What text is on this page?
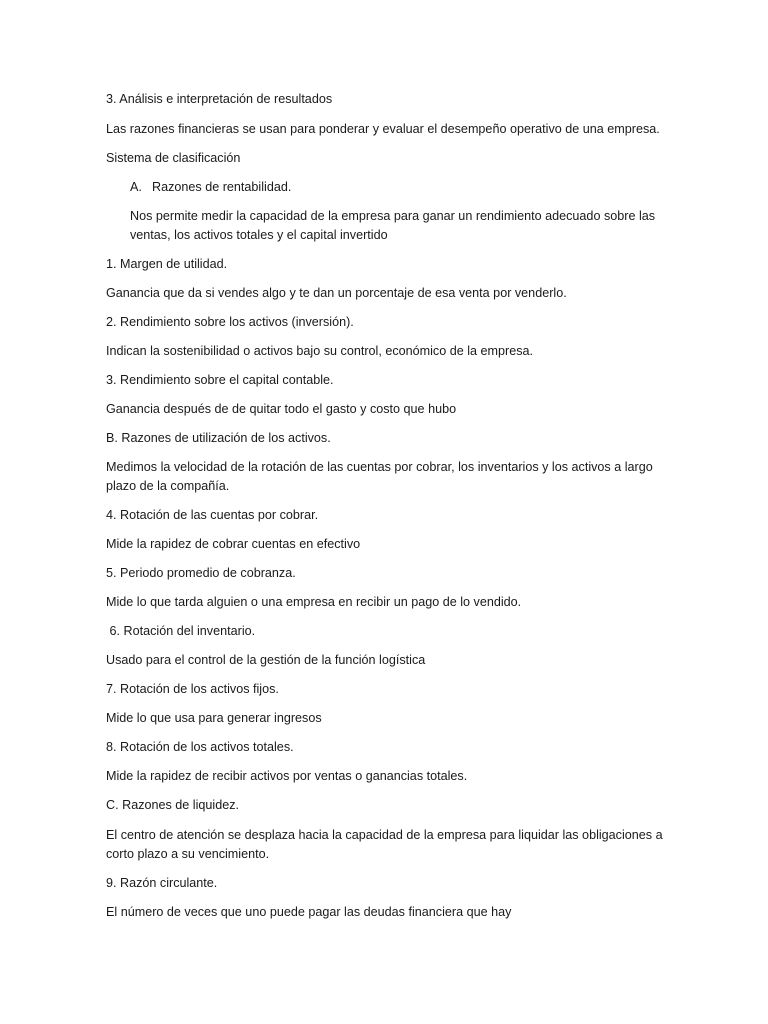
3. Análisis e interpretación de resultados

Las razones financieras se usan para ponderar y evaluar el desempeño operativo de una empresa.

Sistema de clasificación

A. Razones de rentabilidad.

Nos permite medir la capacidad de la empresa para ganar un rendimiento adecuado sobre las

ventas, los activos totales y el capital invertido

1. Margen de utilidad.

Ganancia que da si vendes algo y te dan un porcentaje de esa venta por venderlo.

2. Rendimiento sobre los activos (inversión).

Indican la sostenibilidad o activos bajo su control, económico de la empresa.

3. Rendimiento sobre el capital contable.

Ganancia después de de quitar todo el gasto y costo que hubo

B. Razones de utilización de los activos.

Medimos la velocidad de la rotación de las cuentas por cobrar, los inventarios y los activos a largo

plazo de la compañía.

4. Rotación de las cuentas por cobrar.

Mide la rapidez de cobrar cuentas en efectivo

5. Periodo promedio de cobranza.

Mide lo que tarda alguien o una empresa en recibir un pago de lo vendido.

6. Rotación del inventario.

Usado para el control de la gestión de la función logística

7. Rotación de los activos fijos.

Mide lo que usa para generar ingresos

8. Rotación de los activos totales.

Mide la rapidez de recibir activos por ventas o ganancias totales.

C. Razones de liquidez.

El centro de atención se desplaza hacia la capacidad de la empresa para liquidar las obligaciones a

corto plazo a su vencimiento.

9. Razón circulante.

El número de veces que uno puede pagar las deudas financiera que hay
